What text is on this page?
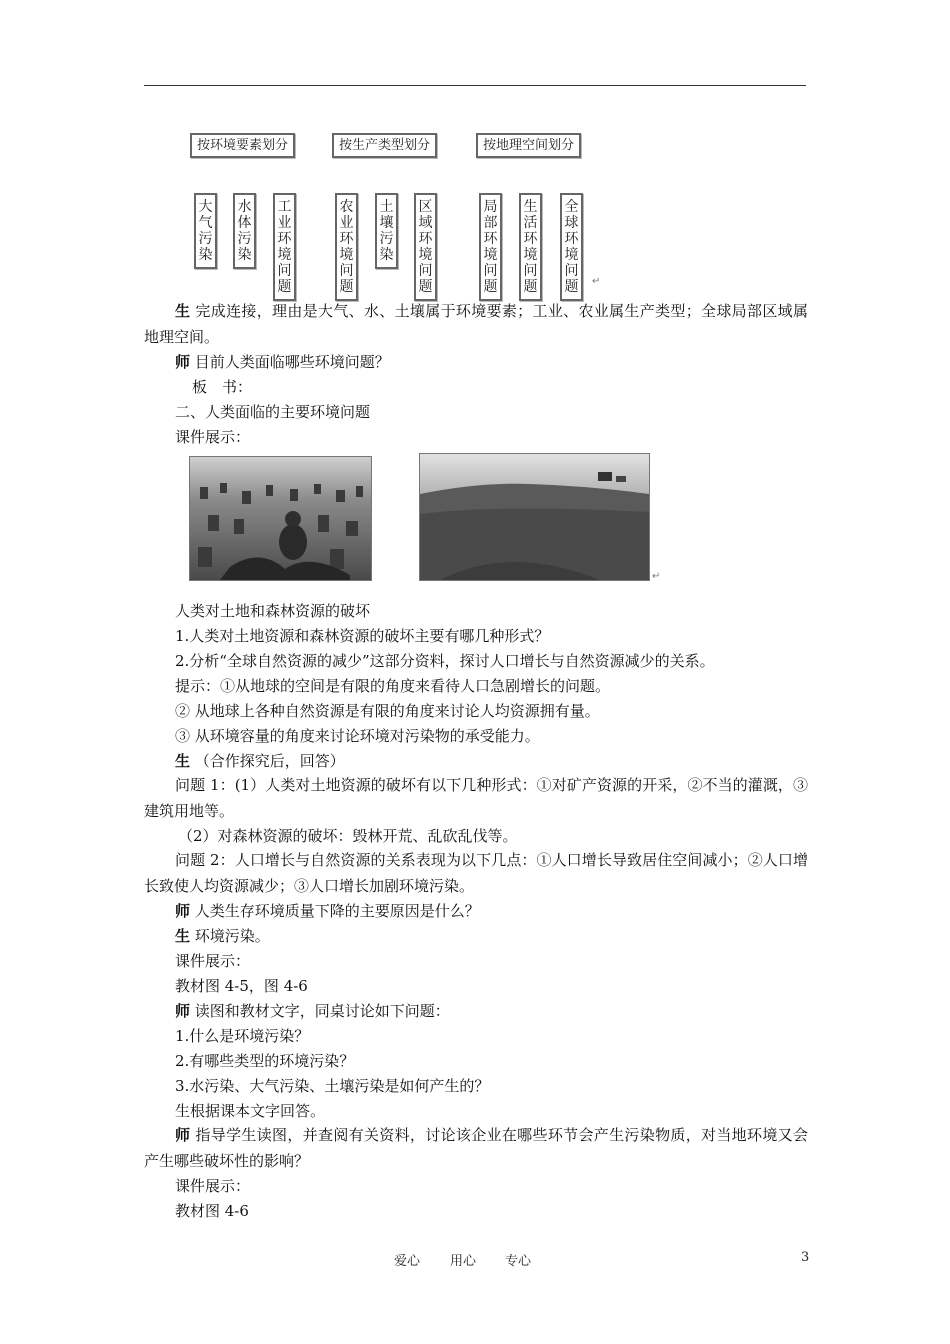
按环境要素划分	按生产类型划分	按地理空间划分
大
气
污
染
水
体
污
染
工
业
环
境
问
题
农
业
环
境
问
题
土
壤
污
染
区
域
环
境
问
题
局
部
环
境
问
题
生
活
环
境
问
题
全
球
环
境
问
题 ↵
生 完成连接，理由是大气、水、土壤属于环境要素；工业、农业属生产类型；全球局部区域属地理空间。
师 目前人类面临哪些环境问题？
板　书：
二、人类面临的主要环境问题
课件展示：
↵
人类对土地和森林资源的破坏
1.人类对土地资源和森林资源的破坏主要有哪几种形式？
2.分析“全球自然资源的减少”这部分资料，探讨人口增长与自然资源减少的关系。
提示：①从地球的空间是有限的角度来看待人口急剧增长的问题。
② 从地球上各种自然资源是有限的角度来讨论人均资源拥有量。
③ 从环境容量的角度来讨论环境对污染物的承受能力。
生 （合作探究后，回答）
问题 1：(1）人类对土地资源的破坏有以下几种形式：①对矿产资源的开采，②不当的灌溉，③建筑用地等。
（2）对森林资源的破坏：毁林开荒、乱砍乱伐等。
问题 2：人口增长与自然资源的关系表现为以下几点：①人口增长导致居住空间减小；②人口增长致使人均资源减少；③人口增长加剧环境污染。
师 人类生存环境质量下降的主要原因是什么？
生 环境污染。
课件展示：
教材图 4-5，图 4-6
师 读图和教材文字，同桌讨论如下问题：
1.什么是环境污染？
2.有哪些类型的环境污染？
3.水污染、大气污染、土壤污染是如何产生的？
生根据课本文字回答。
师 指导学生读图，并查阅有关资料，讨论该企业在哪些环节会产生污染物质，对当地环境又会产生哪些破坏性的影响？
课件展示：
教材图 4-6
爱心 用心 专心	3
